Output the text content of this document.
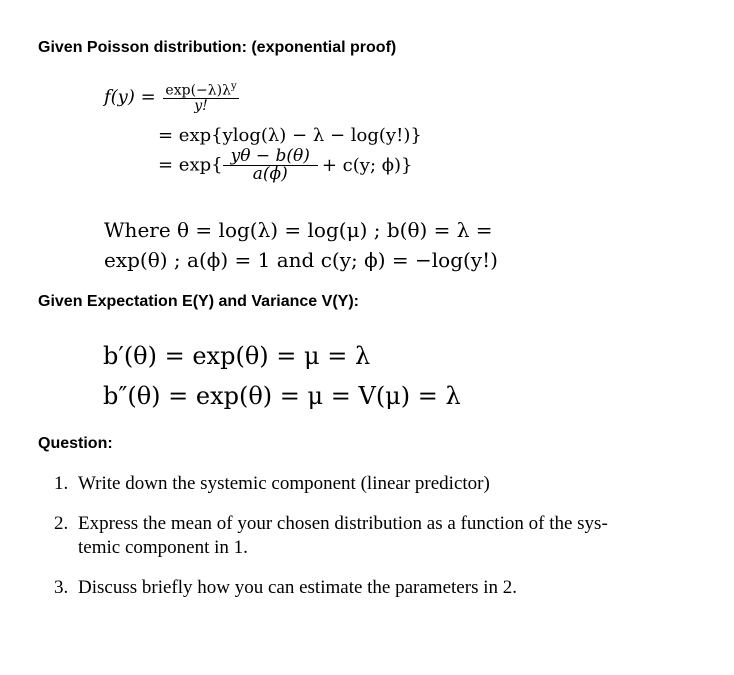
Given Poisson distribution: (exponential proof)
$f(y) = \frac{\exp(-\lambda)\lambda^y}{y!}$
= exp{ylog(λ) − λ − log(y!)}
= $\exp\{ \frac{y\theta - b(\theta)}{a(\phi)} + c(y$; ϕ)}
Where θ = log(λ) = log(μ) ; b(θ) = λ =
exp(θ) ; a(ϕ) = 1 and c(y; ϕ) = −log(y!)
Given Expectation E(Y) and Variance V(Y):
b′(θ) = exp(θ) = μ = λ
b″(θ) = exp(θ) = μ = V(μ) = λ
Question:
1. Write down the systemic component (linear predictor)
2. Express the mean of your chosen distribution as a function of the sys-
temic component in 1.
3. Discuss briefly how you can estimate the parameters in 2.
